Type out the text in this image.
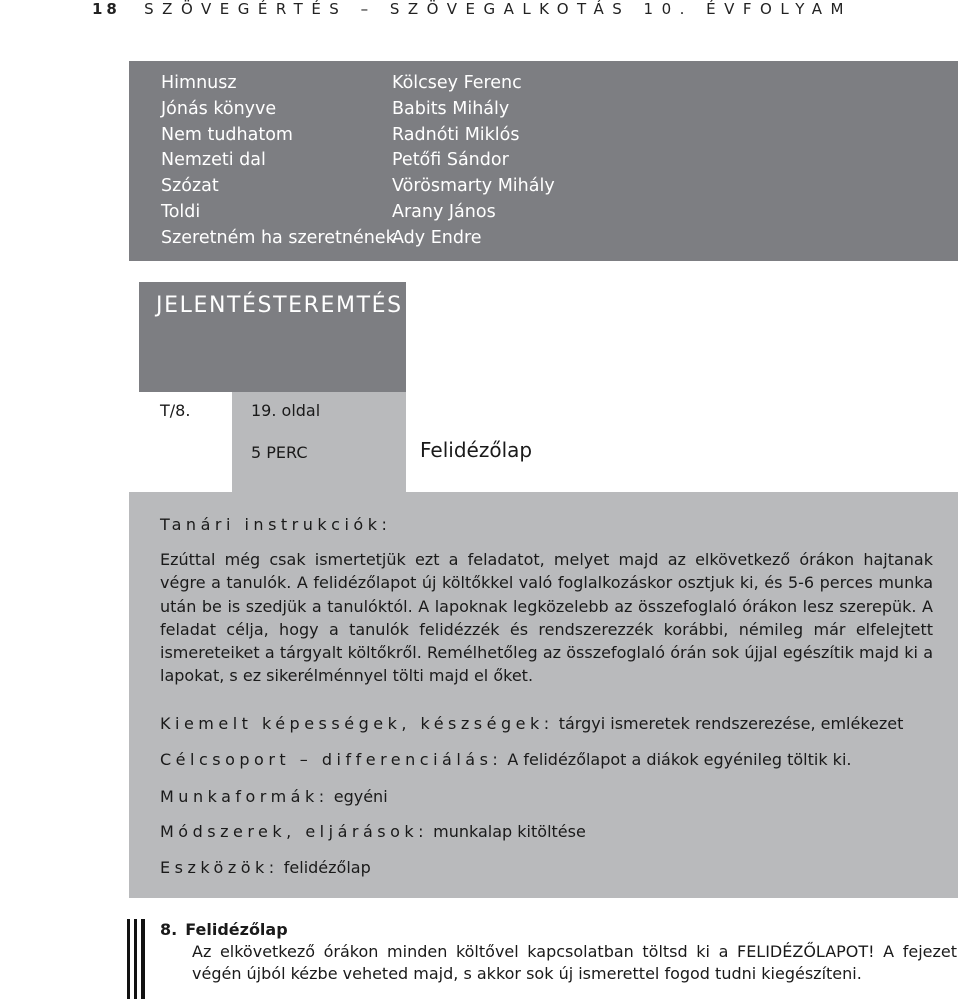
18 SZÖVEGÉRTÉS – SZÖVEGALKOTÁS 10. ÉVFOLYAM
Himnusz
Jónás könyve
Nem tudhatom
Nemzeti dal
Szózat
Toldi
Szeretném ha szeretnének
Kölcsey Ferenc
Babits Mihály
Radnóti Miklós
Petőfi Sándor
Vörösmarty Mihály
Arany János
Ady Endre
JELENTÉSTEREMTÉS
T/8.	19. oldal
5 PERC	Felidézőlap
Tanári instrukciók:
Ezúttal még csak ismertetjük ezt a feladatot, melyet majd az elkövetkező órákon hajtanak végre a tanulók. A felidézőlapot új költőkkel való foglalkozáskor osztjuk ki, és 5-6 perces munka után be is szedjük a tanulóktól. A lapoknak legközelebb az összefoglaló órákon lesz szerepük. A feladat célja, hogy a tanulók felidézzék és rendszerezzék korábbi, némileg már elfelejtett ismereteiket a tárgyalt költőkről. Remélhetőleg az összefoglaló órán sok újjal egészítik majd ki a lapokat, s ez sikerélménnyel tölti majd el őket.
Kiemelt képességek, készségek: tárgyi ismeretek rendszerezése, emlékezet
Célcsoport – differenciálás: A felidézőlapot a diákok egyénileg töltik ki.
Munkaformák: egyéni
Módszerek, eljárások: munkalap kitöltése
Eszközök: felidézőlap
8. Felidézőlap
Az elkövetkező órákon minden költővel kapcsolatban töltsd ki a FELIDÉZŐLAPOT! A fejezet végén újból kézbe veheted majd, s akkor sok új ismerettel fogod tudni kiegészíteni.
